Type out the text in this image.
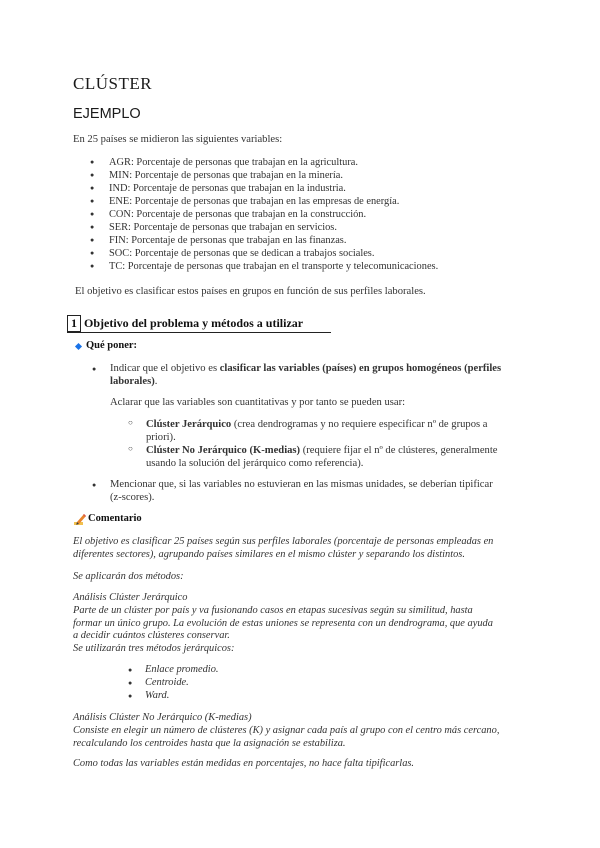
CLÚSTER
EJEMPLO
En 25 países se midieron las siguientes variables:
● AGR: Porcentaje de personas que trabajan en la agricultura.
● MIN: Porcentaje de personas que trabajan en la minería.
● IND: Porcentaje de personas que trabajan en la industria.
● ENE: Porcentaje de personas que trabajan en las empresas de energía.
● CON: Porcentaje de personas que trabajan en la construcción.
● SER: Porcentaje de personas que trabajan en servicios.
● FIN: Porcentaje de personas que trabajan en las finanzas.
● SOC: Porcentaje de personas que se dedican a trabajos sociales.
● TC: Porcentaje de personas que trabajan en el transporte y telecomunicaciones.
El objetivo es clasificar estos países en grupos en función de sus perfiles laborales.
1 Objetivo del problema y métodos a utilizar
Qué poner:
● Indicar que el objetivo es clasificar las variables (países) en grupos homogéneos (perfiles
laborales).
Aclarar que las variables son cuantitativas y por tanto se pueden usar:
○ Clúster Jerárquico (crea dendrogramas y no requiere especificar nº de grupos a
priori).
○ Clúster No Jerárquico (K-medias) (requiere fijar el nº de clústeres, generalmente
usando la solución del jerárquico como referencia).
● Mencionar que, si las variables no estuvieran en las mismas unidades, se deberían tipificar
(z-scores).
Comentario
El objetivo es clasificar 25 países según sus perfiles laborales (porcentaje de personas empleadas en
diferentes sectores), agrupando países similares en el mismo clúster y separando los distintos.
Se aplicarán dos métodos:
Análisis Clúster Jerárquico
Parte de un clúster por país y va fusionando casos en etapas sucesivas según su similitud, hasta
formar un único grupo. La evolución de estas uniones se representa con un dendrograma, que ayuda
a decidir cuántos clústeres conservar.
Se utilizarán tres métodos jerárquicos:
● Enlace promedio.
● Centroide.
● Ward.
Análisis Clúster No Jerárquico (K-medias)
Consiste en elegir un número de clústeres (K) y asignar cada país al grupo con el centro más cercano,
recalculando los centroides hasta que la asignación se estabiliza.
Como todas las variables están medidas en porcentajes, no hace falta tipificarlas.
